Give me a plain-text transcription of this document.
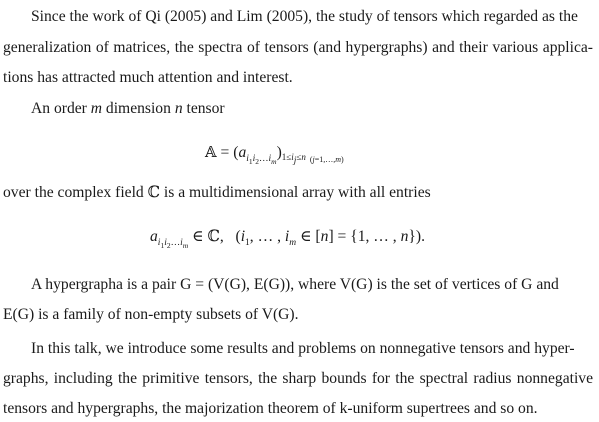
Since the work of Qi (2005) and Lim (2005), the study of tensors which regarded as the
generalization of matrices, the spectra of tensors (and hypergraphs) and their various applica-
tions has attracted much attention and interest.
An order m dimension n tensor
𝔸 = $(a_{i_1i_2\dots i_m})1\le i_j\le n$ $_{(j=1,\dots,m)}$
over the complex field ℂ is a multidimensional array with all entries
$a_{i_1i_2\dots i_m}$ ∈ ℂ,   ($i_1$, … , $i_m$ ∈ [n] = {1, … , n}).
A hypergrapha is a pair G = (V(G), E(G)), where V(G) is the set of vertices of G and
E(G) is a family of non-empty subsets of V(G).
In this talk, we introduce some results and problems on nonnegative tensors and hyper-
graphs, including the primitive tensors, the sharp bounds for the spectral radius nonnegative
tensors and hypergraphs, the majorization theorem of k-uniform supertrees and so on.
